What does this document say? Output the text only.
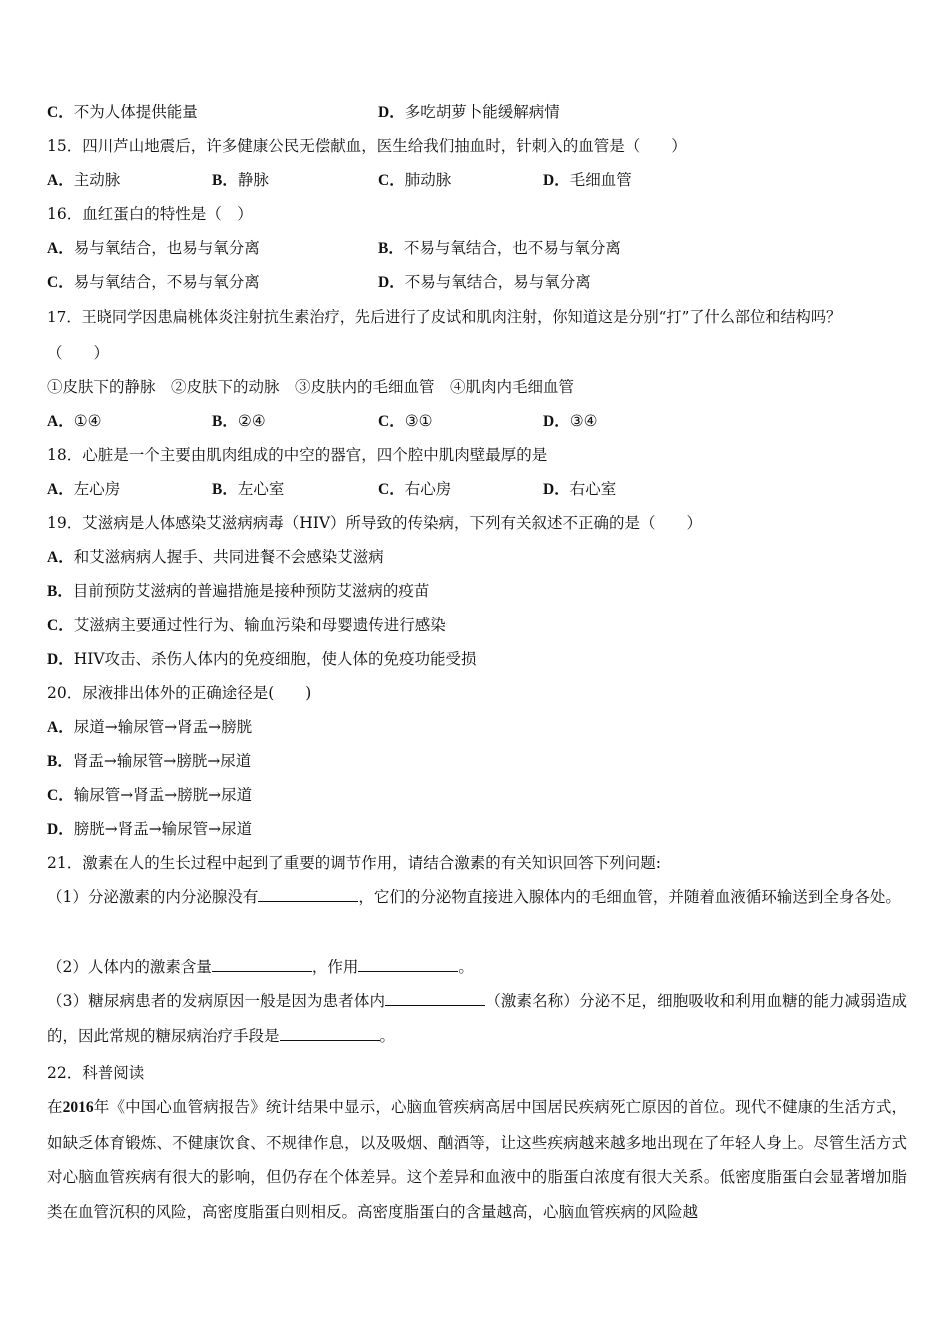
C．不为人体提供能量	D．多吃胡萝卜能缓解病情
15．四川芦山地震后，许多健康公民无偿献血，医生给我们抽血时，针刺入的血管是（　　）
A．主动脉	B．静脉	C．肺动脉	D．毛细血管
16．血红蛋白的特性是（　）
A．易与氧结合，也易与氧分离	B．不易与氧结合，也不易与氧分离
C．易与氧结合，不易与氧分离	D．不易与氧结合，易与氧分离
17．王晓同学因患扁桃体炎注射抗生素治疗，先后进行了皮试和肌肉注射，你知道这是分别“打”了什么部位和结构吗？
（　　）
①皮肤下的静脉　②皮肤下的动脉　③皮肤内的毛细血管　④肌肉内毛细血管
A．①④	B．②④	C．③①	D．③④
18．心脏是一个主要由肌肉组成的中空的器官，四个腔中肌肉壁最厚的是
A．左心房	B．左心室	C．右心房	D．右心室
19．艾滋病是人体感染艾滋病病毒（HIV）所导致的传染病，下列有关叙述不正确的是（　　）
A．和艾滋病病人握手、共同进餐不会感染艾滋病
B．目前预防艾滋病的普遍措施是接种预防艾滋病的疫苗
C．艾滋病主要通过性行为、输血污染和母婴遗传进行感染
D．HIV攻击、杀伤人体内的免疫细胞，使人体的免疫功能受损
20．尿液排出体外的正确途径是(　　)
A．尿道→输尿管→肾盂→膀胱
B．肾盂→输尿管→膀胱→尿道
C．输尿管→肾盂→膀胱→尿道
D．膀胱→肾盂→输尿管→尿道
21．激素在人的生长过程中起到了重要的调节作用，请结合激素的有关知识回答下列问题:
（1）分泌激素的内分泌腺没有	，它们的分泌物直接进入腺体内的毛细血管，并随着血液循环输送到全身各处。
（2）人体内的激素含量	，作用	。
（3）糖尿病患者的发病原因一般是因为患者体内	（激素名称）分泌不足，细胞吸收和利用血糖的能力减弱造成的，因此常规的糖尿病治疗手段是	。
22．科普阅读
在2016年《中国心血管病报告》统计结果中显示，心脑血管疾病高居中国居民疾病死亡原因的首位。现代不健康的生活方式，如缺乏体育锻炼、不健康饮食、不规律作息，以及吸烟、酗酒等，让这些疾病越来越多地出现在了年轻人身上。尽管生活方式对心脑血管疾病有很大的影响，但仍存在个体差异。这个差异和血液中的脂蛋白浓度有很大关系。低密度脂蛋白会显著增加脂类在血管沉积的风险，高密度脂蛋白则相反。高密度脂蛋白的含量越高，心脑血管疾病的风险越
